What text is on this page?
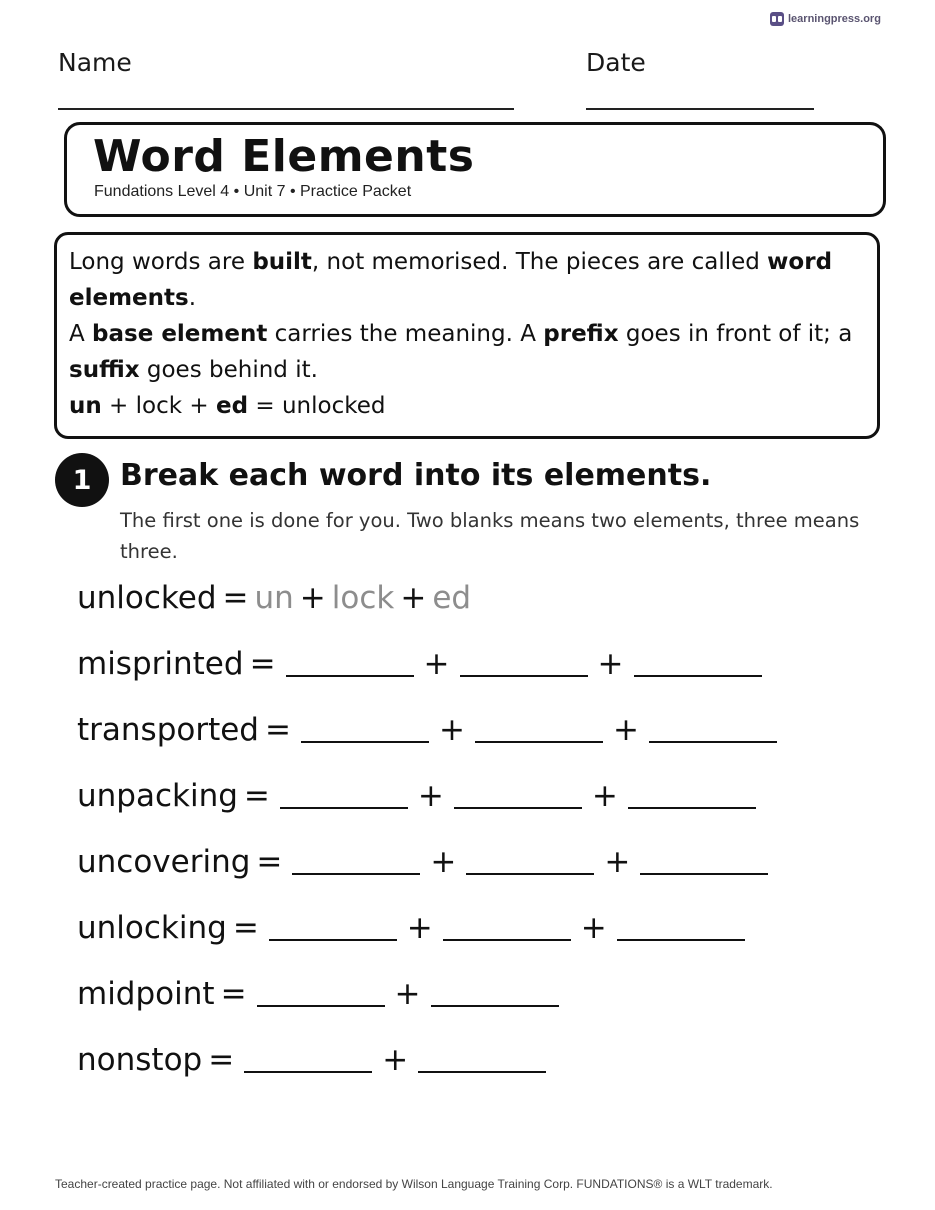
learningpress.org
Name	Date
Word Elements
Fundations Level 4 • Unit 7 • Practice Packet

Long words are built, not memorised. The pieces are called word elements.

A base element carries the meaning. A prefix goes in front of it; a suffix goes behind it.

un + lock + ed = unlocked

1 Break each word into its elements.

The first one is done for you. Two blanks means two elements, three means three.

unlocked = un + lock + ed
misprinted =	+	+
transported =	+	+
unpacking =	+	+
uncovering =	+	+
unlocking =	+	+
midpoint =	+
nonstop =	+
Teacher-created practice page. Not affiliated with or endorsed by Wilson Language Training Corp. FUNDATIONS® is a WLT trademark.
